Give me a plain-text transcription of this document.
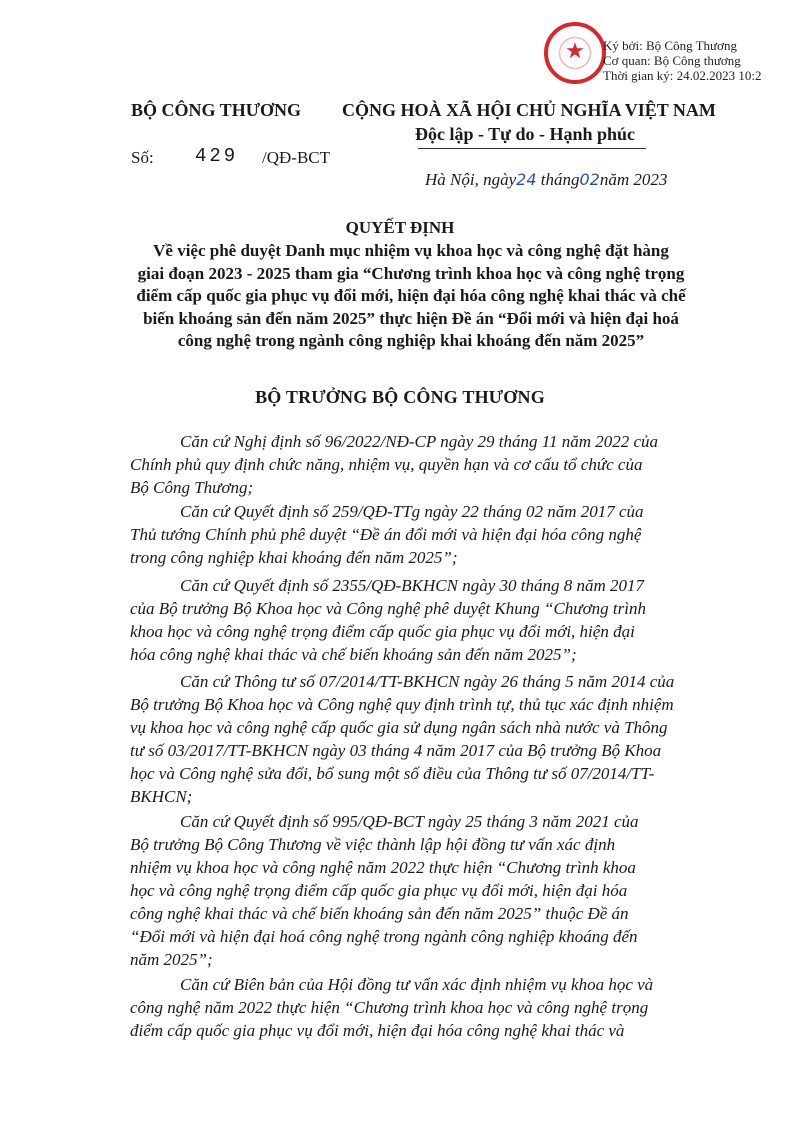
★ Ký bởi: Bộ Công Thương
Cơ quan: Bộ Công thương
Thời gian ký: 24.02.2023 10:2
BỘ CÔNG THƯƠNG CỘNG HOÀ XÃ HỘI CHỦ NGHĨA VIỆT NAM
Độc lập - Tự do - Hạnh phúc
Số: 429 /QĐ-BCT
Hà Nội, ngày24 tháng02năm 2023
QUYẾT ĐỊNH
Về việc phê duyệt Danh mục nhiệm vụ khoa học và công nghệ đặt hàng
giai đoạn 2023 - 2025 tham gia “Chương trình khoa học và công nghệ trọng
điểm cấp quốc gia phục vụ đổi mới, hiện đại hóa công nghệ khai thác và chế
biến khoáng sản đến năm 2025” thực hiện Đề án “Đổi mới và hiện đại hoá
công nghệ trong ngành công nghiệp khai khoáng đến năm 2025”
BỘ TRƯỞNG BỘ CÔNG THƯƠNG
Căn cứ Nghị định số 96/2022/NĐ-CP ngày 29 tháng 11 năm 2022 của
Chính phủ quy định chức năng, nhiệm vụ, quyền hạn và cơ cấu tổ chức của
Bộ Công Thương;
Căn cứ Quyết định số 259/QĐ-TTg ngày 22 tháng 02 năm 2017 của
Thủ tướng Chính phủ phê duyệt “Đề án đổi mới và hiện đại hóa công nghệ
trong công nghiệp khai khoáng đến năm 2025”;
Căn cứ Quyết định số 2355/QĐ-BKHCN ngày 30 tháng 8 năm 2017
của Bộ trưởng Bộ Khoa học và Công nghệ phê duyệt Khung “Chương trình
khoa học và công nghệ trọng điểm cấp quốc gia phục vụ đổi mới, hiện đại
hóa công nghệ khai thác và chế biến khoáng sản đến năm 2025”;
Căn cứ Thông tư số 07/2014/TT-BKHCN ngày 26 tháng 5 năm 2014 của
Bộ trưởng Bộ Khoa học và Công nghệ quy định trình tự, thủ tục xác định nhiệm
vụ khoa học và công nghệ cấp quốc gia sử dụng ngân sách nhà nước và Thông
tư số 03/2017/TT-BKHCN ngày 03 tháng 4 năm 2017 của Bộ trưởng Bộ Khoa
học và Công nghệ sửa đổi, bổ sung một số điều của Thông tư số 07/2014/TT-
BKHCN;
Căn cứ Quyết định số 995/QĐ-BCT ngày 25 tháng 3 năm 2021 của
Bộ trưởng Bộ Công Thương về việc thành lập hội đồng tư vấn xác định
nhiệm vụ khoa học và công nghệ năm 2022 thực hiện “Chương trình khoa
học và công nghệ trọng điểm cấp quốc gia phục vụ đổi mới, hiện đại hóa
công nghệ khai thác và chế biến khoáng sản đến năm 2025” thuộc Đề án
“Đổi mới và hiện đại hoá công nghệ trong ngành công nghiệp khoáng đến
năm 2025”;
Căn cứ Biên bản của Hội đồng tư vấn xác định nhiệm vụ khoa học và
công nghệ năm 2022 thực hiện “Chương trình khoa học và công nghệ trọng
điểm cấp quốc gia phục vụ đổi mới, hiện đại hóa công nghệ khai thác và
